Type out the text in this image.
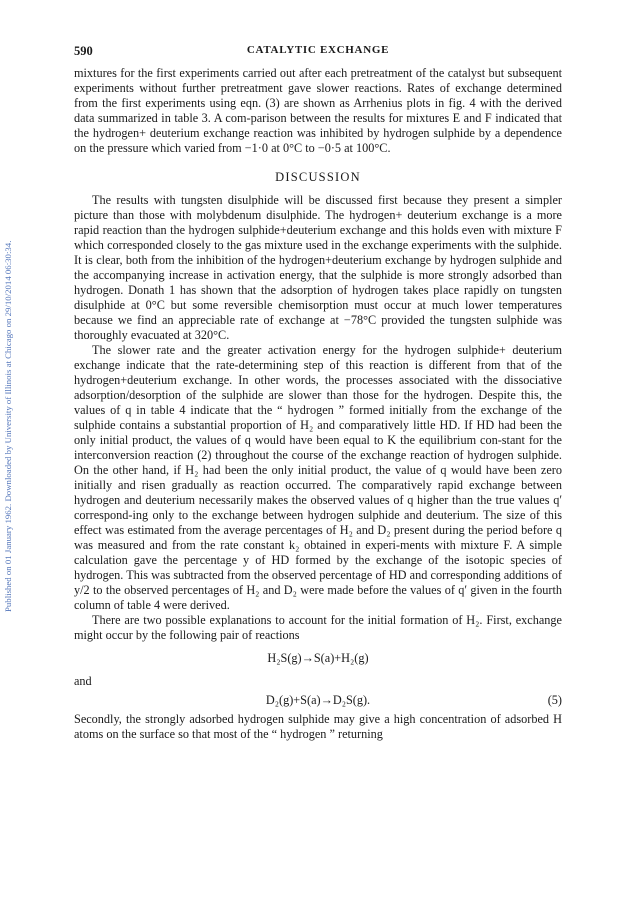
Published on 01 January 1962. Downloaded by University of Illinois at Chicago on 29/10/2014 06:30:34.
590	CATALYTIC EXCHANGE

mixtures for the first experiments carried out after each pretreatment of the catalyst but subsequent experiments without further pretreatment gave slower reactions. Rates of exchange determined from the first experiments using eqn. (3) are shown as Arrhenius plots in fig. 4 with the derived data summarized in table 3. A com-parison between the results for mixtures E and F indicated that the hydrogen+ deuterium exchange reaction was inhibited by hydrogen sulphide by a dependence on the pressure which varied from −1·0 at 0°C to −0·5 at 100°C.

DISCUSSION

The results with tungsten disulphide will be discussed first because they present a simpler picture than those with molybdenum disulphide. The hydrogen+ deuterium exchange is a more rapid reaction than the hydrogen sulphide+deuterium exchange and this holds even with mixture F which corresponded closely to the gas mixture used in the exchange experiments with the sulphide. It is clear, both from the inhibition of the hydrogen+deuterium exchange by hydrogen sulphide and the accompanying increase in activation energy, that the sulphide is more strongly adsorbed than hydrogen. Donath 1 has shown that the adsorption of hydrogen takes place rapidly on tungsten disulphide at 0°C but some reversible chemisorption must occur at much lower temperatures because we find an appreciable rate of exchange at −78°C provided the tungsten sulphide was thoroughly evacuated at 320°C.

The slower rate and the greater activation energy for the hydrogen sulphide+ deuterium exchange indicate that the rate-determining step of this reaction is different from that of the hydrogen+deuterium exchange. In other words, the processes associated with the dissociative adsorption/desorption of the sulphide are slower than those for the hydrogen. Despite this, the values of q in table 4 indicate that the “ hydrogen ” formed initially from the exchange of the sulphide contains a substantial proportion of H₂ and comparatively little HD. If HD had been the only initial product, the values of q would have been equal to K the equilibrium con-stant for the interconversion reaction (2) throughout the course of the exchange reaction of hydrogen sulphide. On the other hand, if H₂ had been the only initial product, the value of q would have been zero initially and risen gradually as reaction occurred. The comparatively rapid exchange between hydrogen and deuterium necessarily makes the observed values of q higher than the true values q′ correspond-ing only to the exchange between hydrogen sulphide and deuterium. The size of this effect was estimated from the average percentages of H₂ and D₂ present during the period before q was measured and from the rate constant k₂ obtained in experi-ments with mixture F. A simple calculation gave the percentage y of HD formed by the exchange of the isotopic species of hydrogen. This was subtracted from the observed percentage of HD and corresponding additions of y/2 to the observed percentages of H₂ and D₂ were made before the values of q′ given in the fourth column of table 4 were derived.

There are two possible explanations to account for the initial formation of H₂. First, exchange might occur by the following pair of reactions

H₂S(g)→S(a)+H₂(g)
and
D₂(g)+S(a)→D₂S(g).	(5)

Secondly, the strongly adsorbed hydrogen sulphide may give a high concentration of adsorbed H atoms on the surface so that most of the “ hydrogen ” returning
